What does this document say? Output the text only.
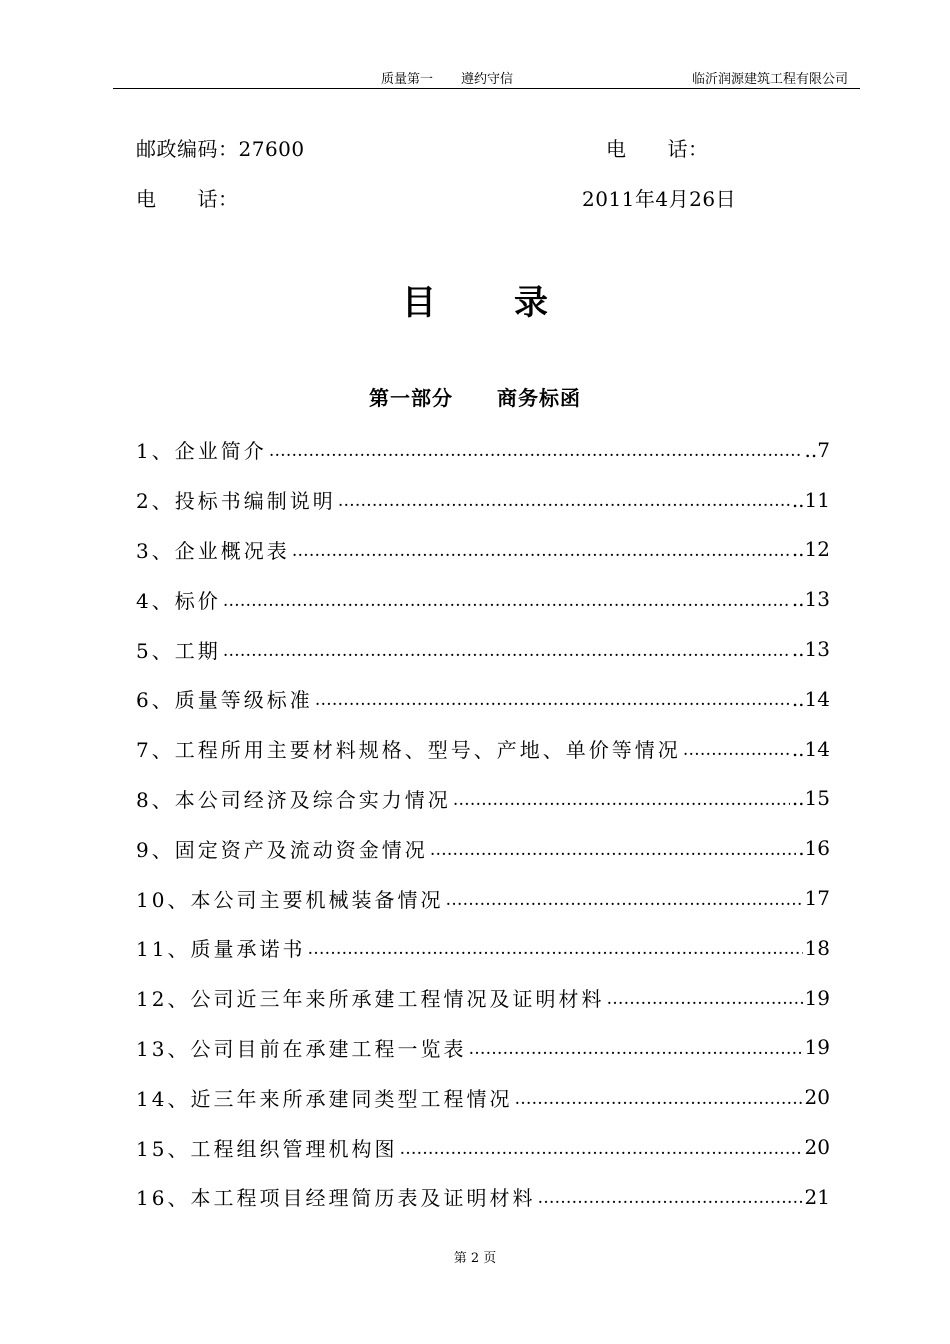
质量第一 遵约守信	临沂润源建筑工程有限公司
邮政编码：27600	电　　话：
电　　话：	2011年4月26日
目录
第一部分 商务标函
1、企业简介 ………………………………………………………………………………………………………………………………………………	..7
2、投标书编制说明 ………………………………………………………………………………………………………………………………………………	..11
3、企业概况表 ………………………………………………………………………………………………………………………………………………	..12
4、标价 ………………………………………………………………………………………………………………………………………………	..13
5、工期 ………………………………………………………………………………………………………………………………………………	..13
6、质量等级标准 ………………………………………………………………………………………………………………………………………………	..14
7、工程所用主要材料规格、型号、产地、单价等情况 ………………………………………………………………………………………………………………………………………………	..14
8、本公司经济及综合实力情况 ………………………………………………………………………………………………………………………………………………	..15
9、固定资产及流动资金情况 ………………………………………………………………………………………………………………………………………………	.16
10、本公司主要机械装备情况 ………………………………………………………………………………………………………………………………………………	17
11、质量承诺书 ………………………………………………………………………………………………………………………………………………	18
12、公司近三年来所承建工程情况及证明材料 ………………………………………………………………………………………………………………………………………………	19
13、公司目前在承建工程一览表 ………………………………………………………………………………………………………………………………………………	19
14、近三年来所承建同类型工程情况 ………………………………………………………………………………………………………………………………………………	20
15、工程组织管理机构图 ………………………………………………………………………………………………………………………………………………	20
16、本工程项目经理简历表及证明材料 ………………………………………………………………………………………………………………………………………………	21
第 2 页
